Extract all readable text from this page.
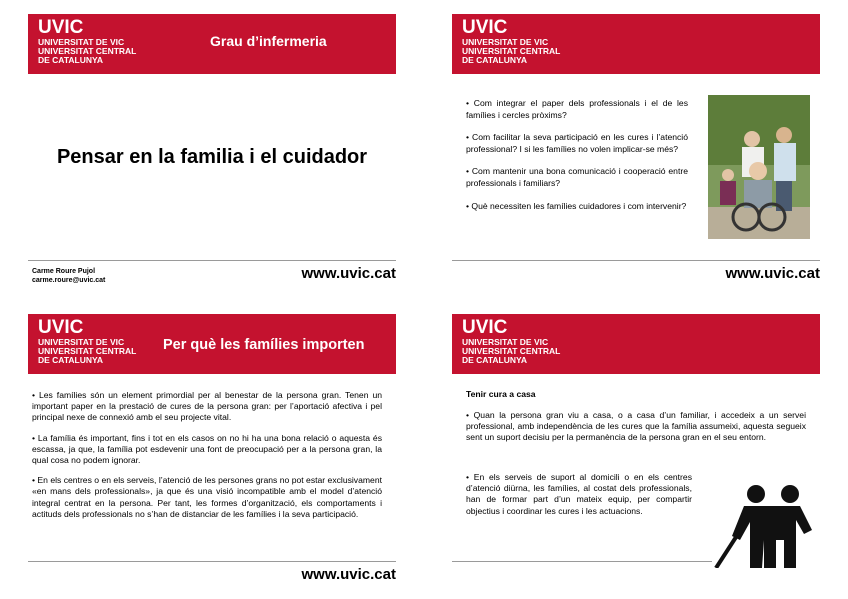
UVIC
UNIVERSITAT DE VIC
UNIVERSITAT CENTRAL
DE CATALUNYA
Grau d’infermeria
Pensar en la familia i el cuidador
Carme Roure Pujol
carme.roure@uvic.cat	www.uvic.cat
UVIC
UNIVERSITAT DE VIC
UNIVERSITAT CENTRAL
DE CATALUNYA

• Com integrar el paper dels professionals i el de les famílies i cercles pròxims?

• Com facilitar la seva participació en les cures i l’atenció professional? I si les famílies no volen implicar-se més?

• Com mantenir una bona comunicació i cooperació entre professionals i familiars?

• Què necessiten les famílies cuidadores i com intervenir?

www.uvic.cat
UVIC
UNIVERSITAT DE VIC
UNIVERSITAT CENTRAL
DE CATALUNYA
Per què les famílies importen

• Les famílies són un element primordial per al benestar de la persona gran. Tenen un important paper en la prestació de cures de la persona gran: per l’aportació afectiva i pel principal nexe de connexió amb el seu projecte vital.

• La família és important, fins i tot en els casos on no hi ha una bona relació o aquesta és escassa, ja que, la família pot esdevenir una font de preocupació per a la persona gran, la qual cosa no podem ignorar.

• En els centres o en els serveis, l’atenció de les persones grans no pot estar exclusivament «en mans dels professionals», ja que és una visió incompatible amb el model d’atenció integral centrat en la persona. Per tant, les formes d’organització, els comportaments i actituds dels professionals no s’han de distanciar de les famílies i la seva participació.

www.uvic.cat
UVIC
UNIVERSITAT DE VIC
UNIVERSITAT CENTRAL
DE CATALUNYA
Tenir cura a casa

• Quan la persona gran viu a casa, o a casa d’un familiar, i accedeix a un servei professional, amb independència de les cures que la família assumeixi, aquesta segueix sent un suport decisiu per la permanència de la persona gran en el seu entorn.

• En els serveis de suport al domicili o en els centres d’atenció diürna, les famílies, al costat dels professionals, han de formar part d’un mateix equip, per compartir objectius i coordinar les cures i les actuacions.
